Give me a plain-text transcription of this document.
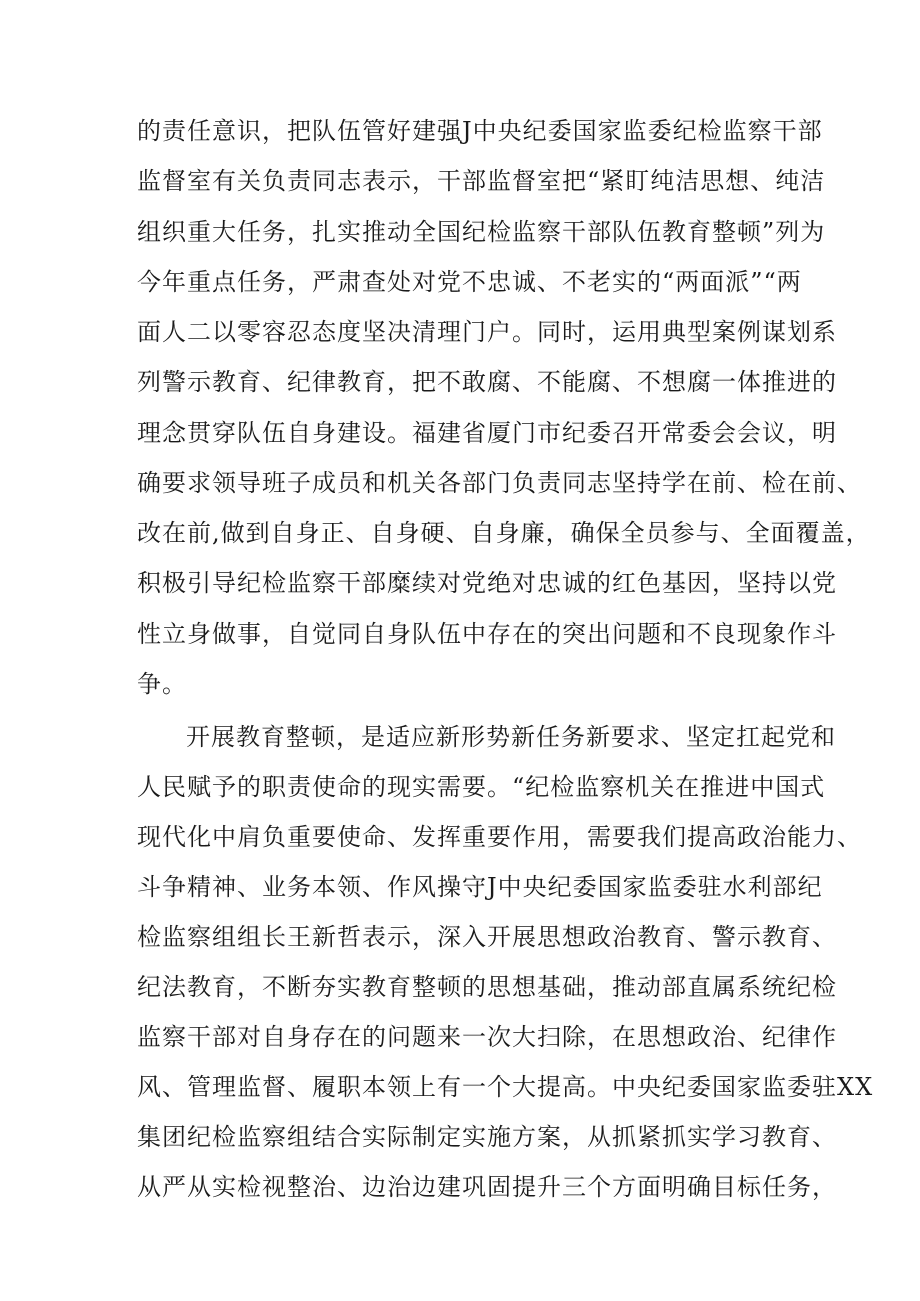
的责任意识，把队伍管好建强J中央纪委国家监委纪检监察干部
监督室有关负责同志表示，干部监督室把“紧盯纯洁思想、纯洁
组织重大任务，扎实推动全国纪检监察干部队伍教育整顿”列为
今年重点任务，严肃查处对党不忠诚、不老实的“两面派”“两
面人二以零容忍态度坚决清理门户。同时，运用典型案例谋划系
列警示教育、纪律教育，把不敢腐、不能腐、不想腐一体推进的
理念贯穿队伍自身建设。福建省厦门市纪委召开常委会会议，明
确要求领导班子成员和机关各部门负责同志坚持学在前、检在前、
改在前,做到自身正、自身硬、自身廉，确保全员参与、全面覆盖，
积极引导纪检监察干部糜续对党绝对忠诚的红色基因，坚持以党
性立身做事，自觉同自身队伍中存在的突出问题和不良现象作斗
争。
开展教育整顿，是适应新形势新任务新要求、坚定扛起党和
人民赋予的职责使命的现实需要。“纪检监察机关在推进中国式
现代化中肩负重要使命、发挥重要作用，需要我们提高政治能力、
斗争精神、业务本领、作风操守J中央纪委国家监委驻水利部纪
检监察组组长王新哲表示，深入开展思想政治教育、警示教育、
纪法教育，不断夯实教育整顿的思想基础，推动部直属系统纪检
监察干部对自身存在的问题来一次大扫除，在思想政治、纪律作
风、管理监督、履职本领上有一个大提高。中央纪委国家监委驻XX
集团纪检监察组结合实际制定实施方案，从抓紧抓实学习教育、
从严从实检视整治、边治边建巩固提升三个方面明确目标任务，
